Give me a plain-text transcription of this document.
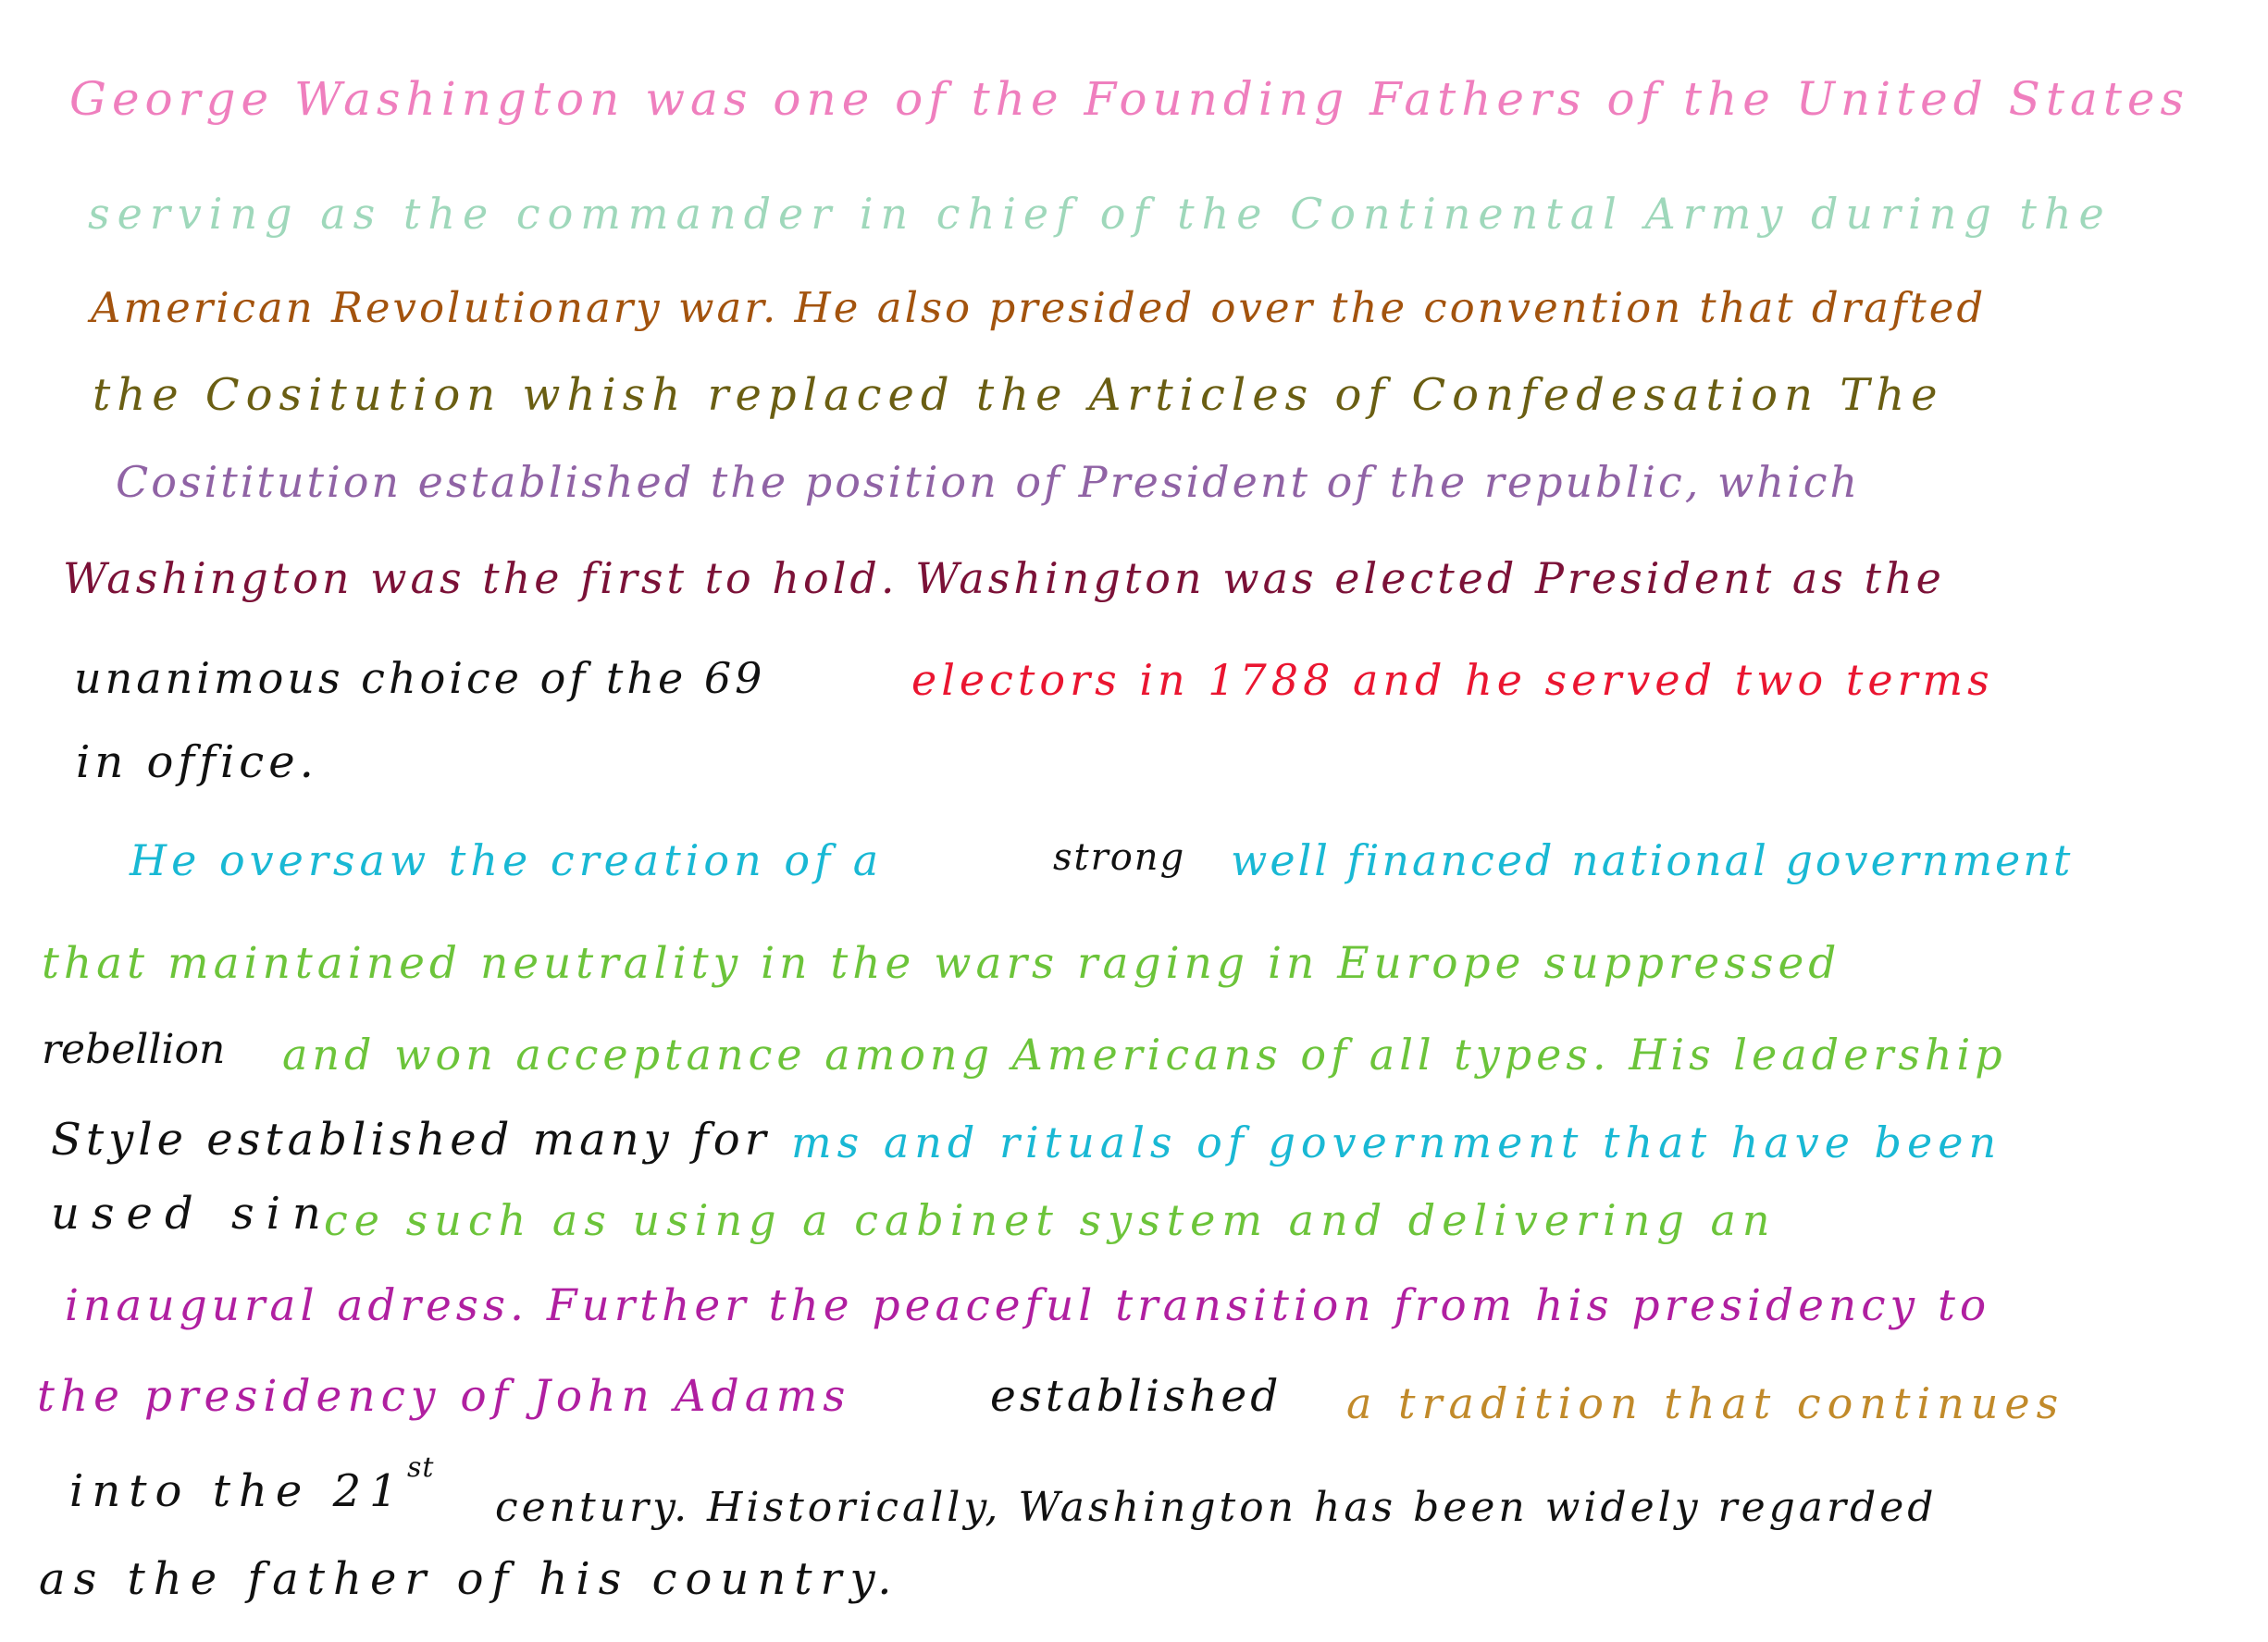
George Washington was one of the Founding Fathers of the United States
serving as the commander in chief of the Continental Army during the
American Revolutionary war. He also presided over the convention that drafted
the Cositution whish replaced the Articles of Confedesation The
Cosititution established the position of President of the republic, which
Washington was the first to hold. Washington was elected President as the
unanimous choice of the 69	electors in 1788 and he served two terms
in office.
He oversaw the creation of a	strong well financed national government
that maintained neutrality in the wars raging in Europe suppressed
rebellion and won acceptance among Americans of all types. His leadership
Style established many for ms and rituals of government that have been
used sin
ce such as using a cabinet system and delivering an
inaugural adress. Further the peaceful transition from his presidency to
the presidency of John Adams	established a tradition that continues
into the 21 st
century. Historically, Washington has been widely regarded
as the father of his country.
